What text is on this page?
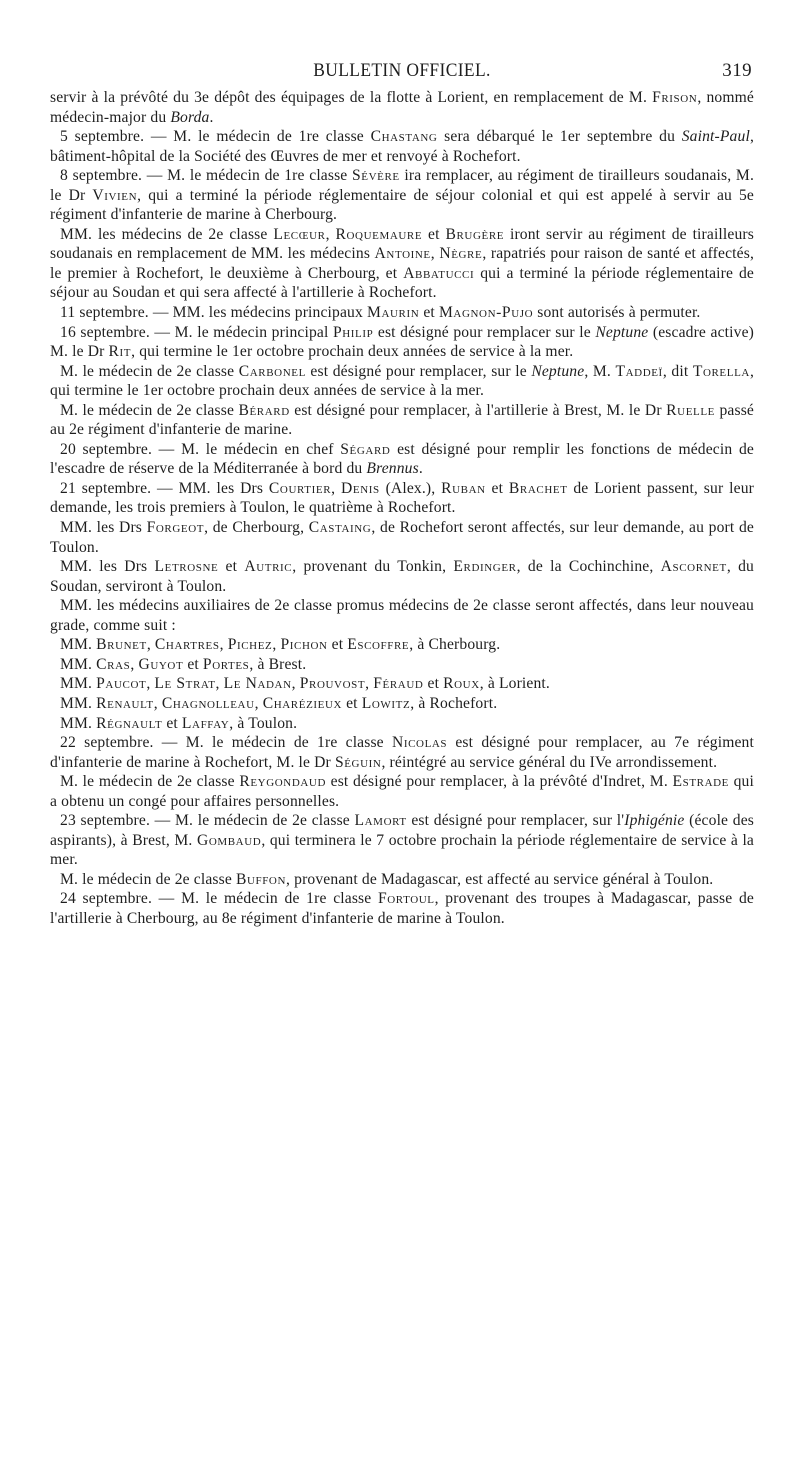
BULLETIN OFFICIEL.	319

servir à la prévôté du 3e dépôt des équipages de la flotte à Lorient, en remplacement de M. Frison, nommé médecin-major du Borda.

5 septembre. — M. le médecin de 1re classe Chastang sera débarqué le 1er septembre du Saint-Paul, bâtiment-hôpital de la Société des Œuvres de mer et renvoyé à Rochefort.

8 septembre. — M. le médecin de 1re classe Sévère ira remplacer, au régiment de tirailleurs soudanais, M. le Dr Vivien, qui a terminé la période réglementaire de séjour colonial et qui est appelé à servir au 5e régiment d'infanterie de marine à Cherbourg.

MM. les médecins de 2e classe Lecœur, Roquemaure et Brugère iront servir au régiment de tirailleurs soudanais en remplacement de MM. les médecins Antoine, Nègre, rapatriés pour raison de santé et affectés, le premier à Rochefort, le deuxième à Cherbourg, et Abbatucci qui a terminé la période réglementaire de séjour au Soudan et qui sera affecté à l'artillerie à Rochefort.

11 septembre. — MM. les médecins principaux Maurin et Magnon-Pujo sont autorisés à permuter.

16 septembre. — M. le médecin principal Philip est désigné pour remplacer sur le Neptune (escadre active) M. le Dr Rit, qui termine le 1er octobre prochain deux années de service à la mer.

M. le médecin de 2e classe Carbonel est désigné pour remplacer, sur le Neptune, M. Taddeï, dit Torella, qui termine le 1er octobre prochain deux années de service à la mer.

M. le médecin de 2e classe Bérard est désigné pour remplacer, à l'artillerie à Brest, M. le Dr Ruelle passé au 2e régiment d'infanterie de marine.

20 septembre. — M. le médecin en chef Ségard est désigné pour remplir les fonctions de médecin de l'escadre de réserve de la Méditerranée à bord du Brennus.

21 septembre. — MM. les Drs Courtier, Denis (Alex.), Ruban et Brachet de Lorient passent, sur leur demande, les trois premiers à Toulon, le quatrième à Rochefort.

MM. les Drs Forgeot, de Cherbourg, Castaing, de Rochefort seront affectés, sur leur demande, au port de Toulon.

MM. les Drs Letrosne et Autric, provenant du Tonkin, Erdinger, de la Cochinchine, Ascornet, du Soudan, serviront à Toulon.

MM. les médecins auxiliaires de 2e classe promus médecins de 2e classe seront affectés, dans leur nouveau grade, comme suit :

MM. Brunet, Chartres, Pichez, Pichon et Escoffre, à Cherbourg.

MM. Cras, Guyot et Portes, à Brest.

MM. Paucot, Le Strat, Le Nadan, Prouvost, Féraud et Roux, à Lorient.

MM. Renault, Chagnolleau, Charézieux et Lowitz, à Rochefort.

MM. Régnault et Laffay, à Toulon.

22 septembre. — M. le médecin de 1re classe Nicolas est désigné pour remplacer, au 7e régiment d'infanterie de marine à Rochefort, M. le Dr Séguin, réintégré au service général du IVe arrondissement.

M. le médecin de 2e classe Reygondaud est désigné pour remplacer, à la prévôté d'Indret, M. Estrade qui a obtenu un congé pour affaires personnelles.

23 septembre. — M. le médecin de 2e classe Lamort est désigné pour remplacer, sur l'Iphigénie (école des aspirants), à Brest, M. Gombaud, qui terminera le 7 octobre prochain la période réglementaire de service à la mer.

M. le médecin de 2e classe Buffon, provenant de Madagascar, est affecté au service général à Toulon.

24 septembre. — M. le médecin de 1re classe Fortoul, provenant des troupes à Madagascar, passe de l'artillerie à Cherbourg, au 8e régiment d'infanterie de marine à Toulon.
